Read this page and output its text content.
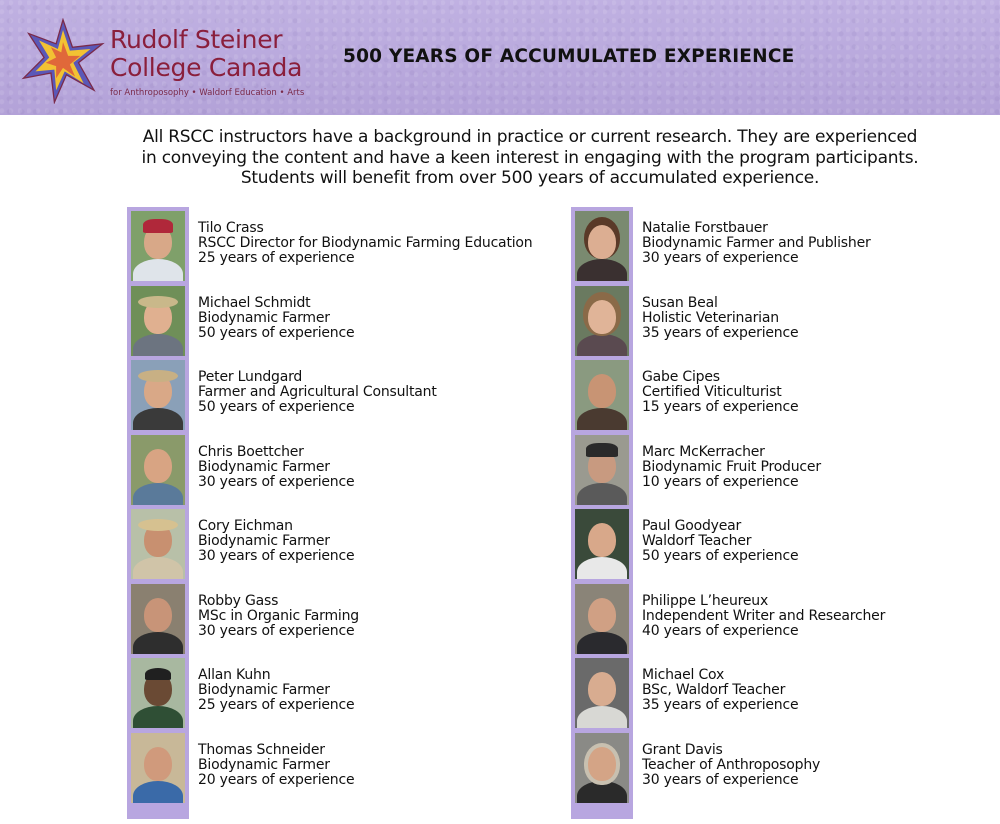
Rudolf Steiner
College Canada
for Anthroposophy • Waldorf Education • Arts
500 YEARS OF ACCUMULATED EXPERIENCE
All RSCC instructors have a background in practice or current research. They are experienced
in conveying the content and have a keen interest in engaging with the program participants.
Students will benefit from over 500 years of accumulated experience.
Tilo Crass
RSCC Director for Biodynamic Farming Education
25 years of experience
Michael Schmidt
Biodynamic Farmer
50 years of experience
Peter Lundgard
Farmer and Agricultural Consultant
50 years of experience
Chris Boettcher
Biodynamic Farmer
30 years of experience
Cory Eichman
Biodynamic Farmer
30 years of experience
Robby Gass
MSc in Organic Farming
30 years of experience
Allan Kuhn
Biodynamic Farmer
25 years of experience
Thomas Schneider
Biodynamic Farmer
20 years of experience
Natalie Forstbauer
Biodynamic Farmer and Publisher
30 years of experience
Susan Beal
Holistic Veterinarian
35 years of experience
Gabe Cipes
Certified Viticulturist
15 years of experience
Marc McKerracher
Biodynamic Fruit Producer
10 years of experience
Paul Goodyear
Waldorf Teacher
50 years of experience
Philippe L’heureux
Independent Writer and Researcher
40 years of experience
Michael Cox
BSc, Waldorf Teacher
35 years of experience
Grant Davis
Teacher of Anthroposophy
30 years of experience
